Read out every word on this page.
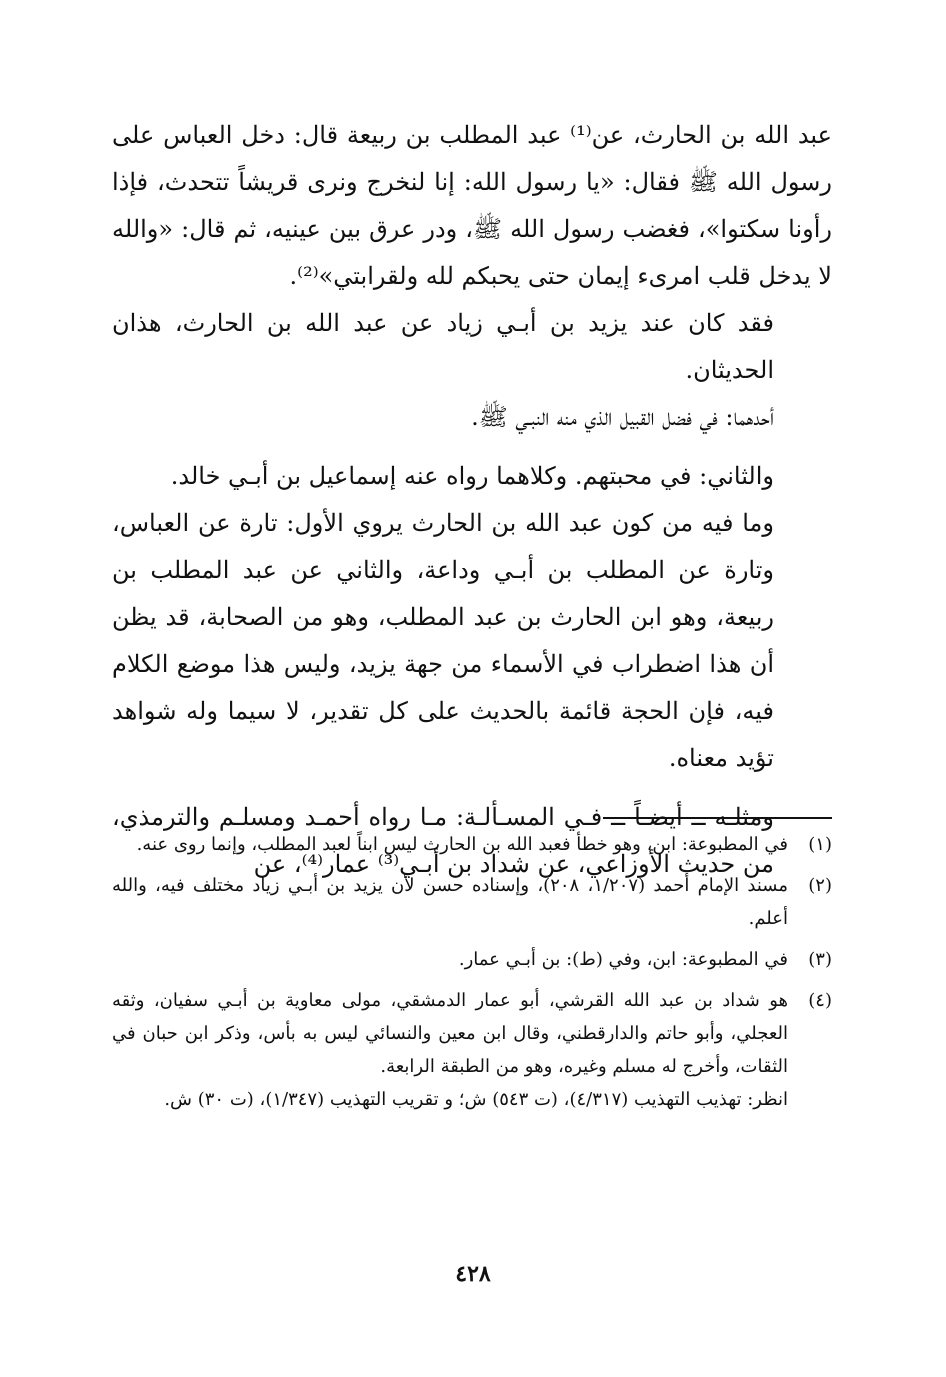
عبد الله بن الحارث، عن⁽¹⁾ عبد المطلب بن ربيعة قال: دخل العباس على رسول الله ﷺ فقال: «يا رسول الله: إنا لنخرج ونرى قريشاً تتحدث، فإذا رأونا سكتوا»، فغضب رسول الله ﷺ، ودر عرق بين عينيه، ثم قال: «والله لا يدخل قلب امرىء إيمان حتى يحبكم لله ولقرابتي»⁽²⁾.

فقد كان عند يزيد بن أبـي زياد عن عبد الله بن الحارث، هذان الحديثان.

أحدهما: في فضل القبيل الذي منه النبـي ﷺ.

والثاني: في محبتهم. وكلاهما رواه عنه إسماعيل بن أبـي خالد.

وما فيه من كون عبد الله بن الحارث يروي الأول: تارة عن العباس، وتارة عن المطلب بن أبـي وداعة، والثاني عن عبد المطلب بن ربيعة، وهو ابن الحارث بن عبد المطلب، وهو من الصحابة، قد يظن أن هذا اضطراب في الأسماء من جهة يزيد، وليس هذا موضع الكلام فيه، فإن الحجة قائمة بالحديث على كل تقدير، لا سيما وله شواهد تؤيد معناه.

ومثلـه ــ أيضـاً ــ فـي المسـألـة: مـا رواه أحمـد ومسلـم والترمذي، من حديث الأوزاعي، عن شداد بن أبـي⁽³⁾ عمار⁽⁴⁾، عن

(١)

في المطبوعة: ابن، وهو خطأ فعبد الله بن الحارث ليس ابناً لعبد المطلب، وإنما روى عنه.

(٢)

مسند الإمام أحمد (١/٢٠٧، ٢٠٨)، وإسناده حسن لأن يزيد بن أبـي زياد مختلف فيه، والله أعلم.

(٣)

في المطبوعة: ابن، وفي (ط): بن أبـي عمار.

(٤)

هو شداد بن عبد الله القرشي، أبو عمار الدمشقي، مولى معاوية بن أبـي سفيان، وثقه العجلي، وأبو حاتم والدارقطني، وقال ابن معين والنسائي ليس به بأس، وذكر ابن حبان في الثقات، وأخرج له مسلم وغيره، وهو من الطبقة الرابعة.

انظر: تهذيب التهذيب (٤/٣١٧)، (ت ٥٤٣) ش؛ و تقريب التهذيب (١/٣٤٧)، (ت ٣٠) ش.

٤٢٨
